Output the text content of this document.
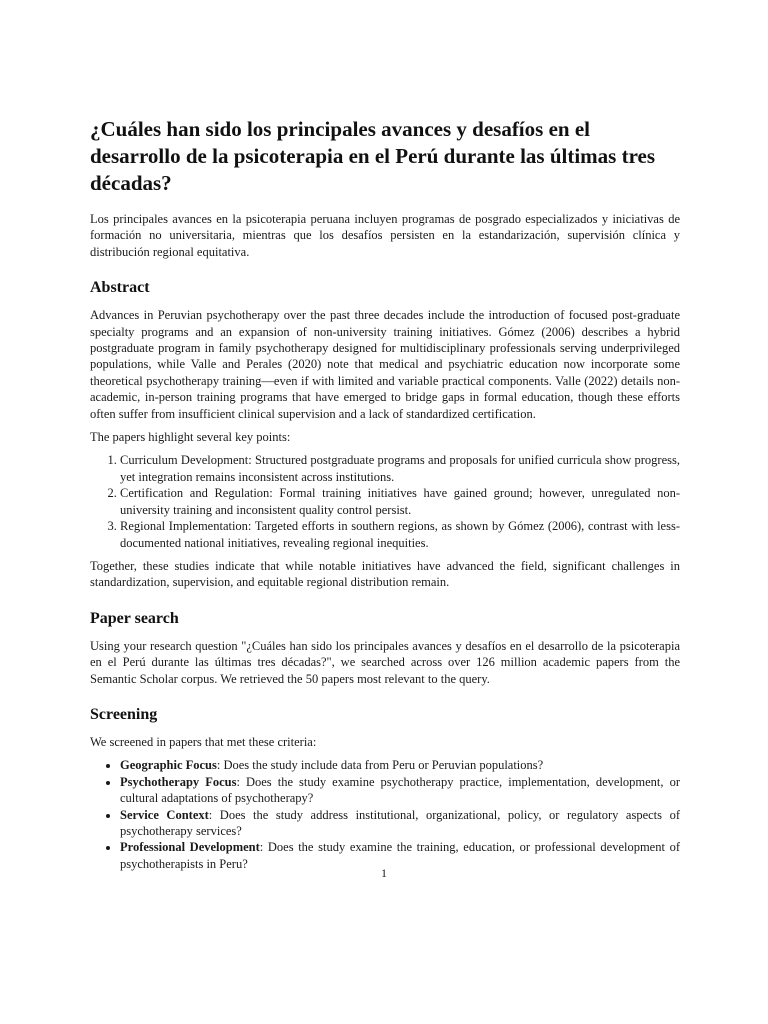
¿Cuáles han sido los principales avances y desafíos en el desarrollo de la psicoterapia en el Perú durante las últimas tres décadas?

Los principales avances en la psicoterapia peruana incluyen programas de posgrado especializados y iniciativas de formación no universitaria, mientras que los desafíos persisten en la estandarización, supervisión clínica y distribución regional equitativa.

Abstract

Advances in Peruvian psychotherapy over the past three decades include the introduction of focused post-graduate specialty programs and an expansion of non-university training initiatives. Gómez (2006) describes a hybrid postgraduate program in family psychotherapy designed for multidisciplinary professionals serving underprivileged populations, while Valle and Perales (2020) note that medical and psychiatric education now incorporate some theoretical psychotherapy training—even if with limited and variable practical components. Valle (2022) details non-academic, in-person training programs that have emerged to bridge gaps in formal education, though these efforts often suffer from insufficient clinical supervision and a lack of standardized certification.

The papers highlight several key points:

1. Curriculum Development: Structured postgraduate programs and proposals for unified curricula show progress, yet integration remains inconsistent across institutions.
2. Certification and Regulation: Formal training initiatives have gained ground; however, unregulated non-university training and inconsistent quality control persist.
3. Regional Implementation: Targeted efforts in southern regions, as shown by Gómez (2006), contrast with less-documented national initiatives, revealing regional inequities.

Together, these studies indicate that while notable initiatives have advanced the field, significant challenges in standardization, supervision, and equitable regional distribution remain.

Paper search

Using your research question "¿Cuáles han sido los principales avances y desafíos en el desarrollo de la psicoterapia en el Perú durante las últimas tres décadas?", we searched across over 126 million academic papers from the Semantic Scholar corpus. We retrieved the 50 papers most relevant to the query.

Screening

We screened in papers that met these criteria:

• Geographic Focus: Does the study include data from Peru or Peruvian populations?
• Psychotherapy Focus: Does the study examine psychotherapy practice, implementation, development, or cultural adaptations of psychotherapy?
• Service Context: Does the study address institutional, organizational, policy, or regulatory aspects of psychotherapy services?
• Professional Development: Does the study examine the training, education, or professional development of psychotherapists in Peru?
1
